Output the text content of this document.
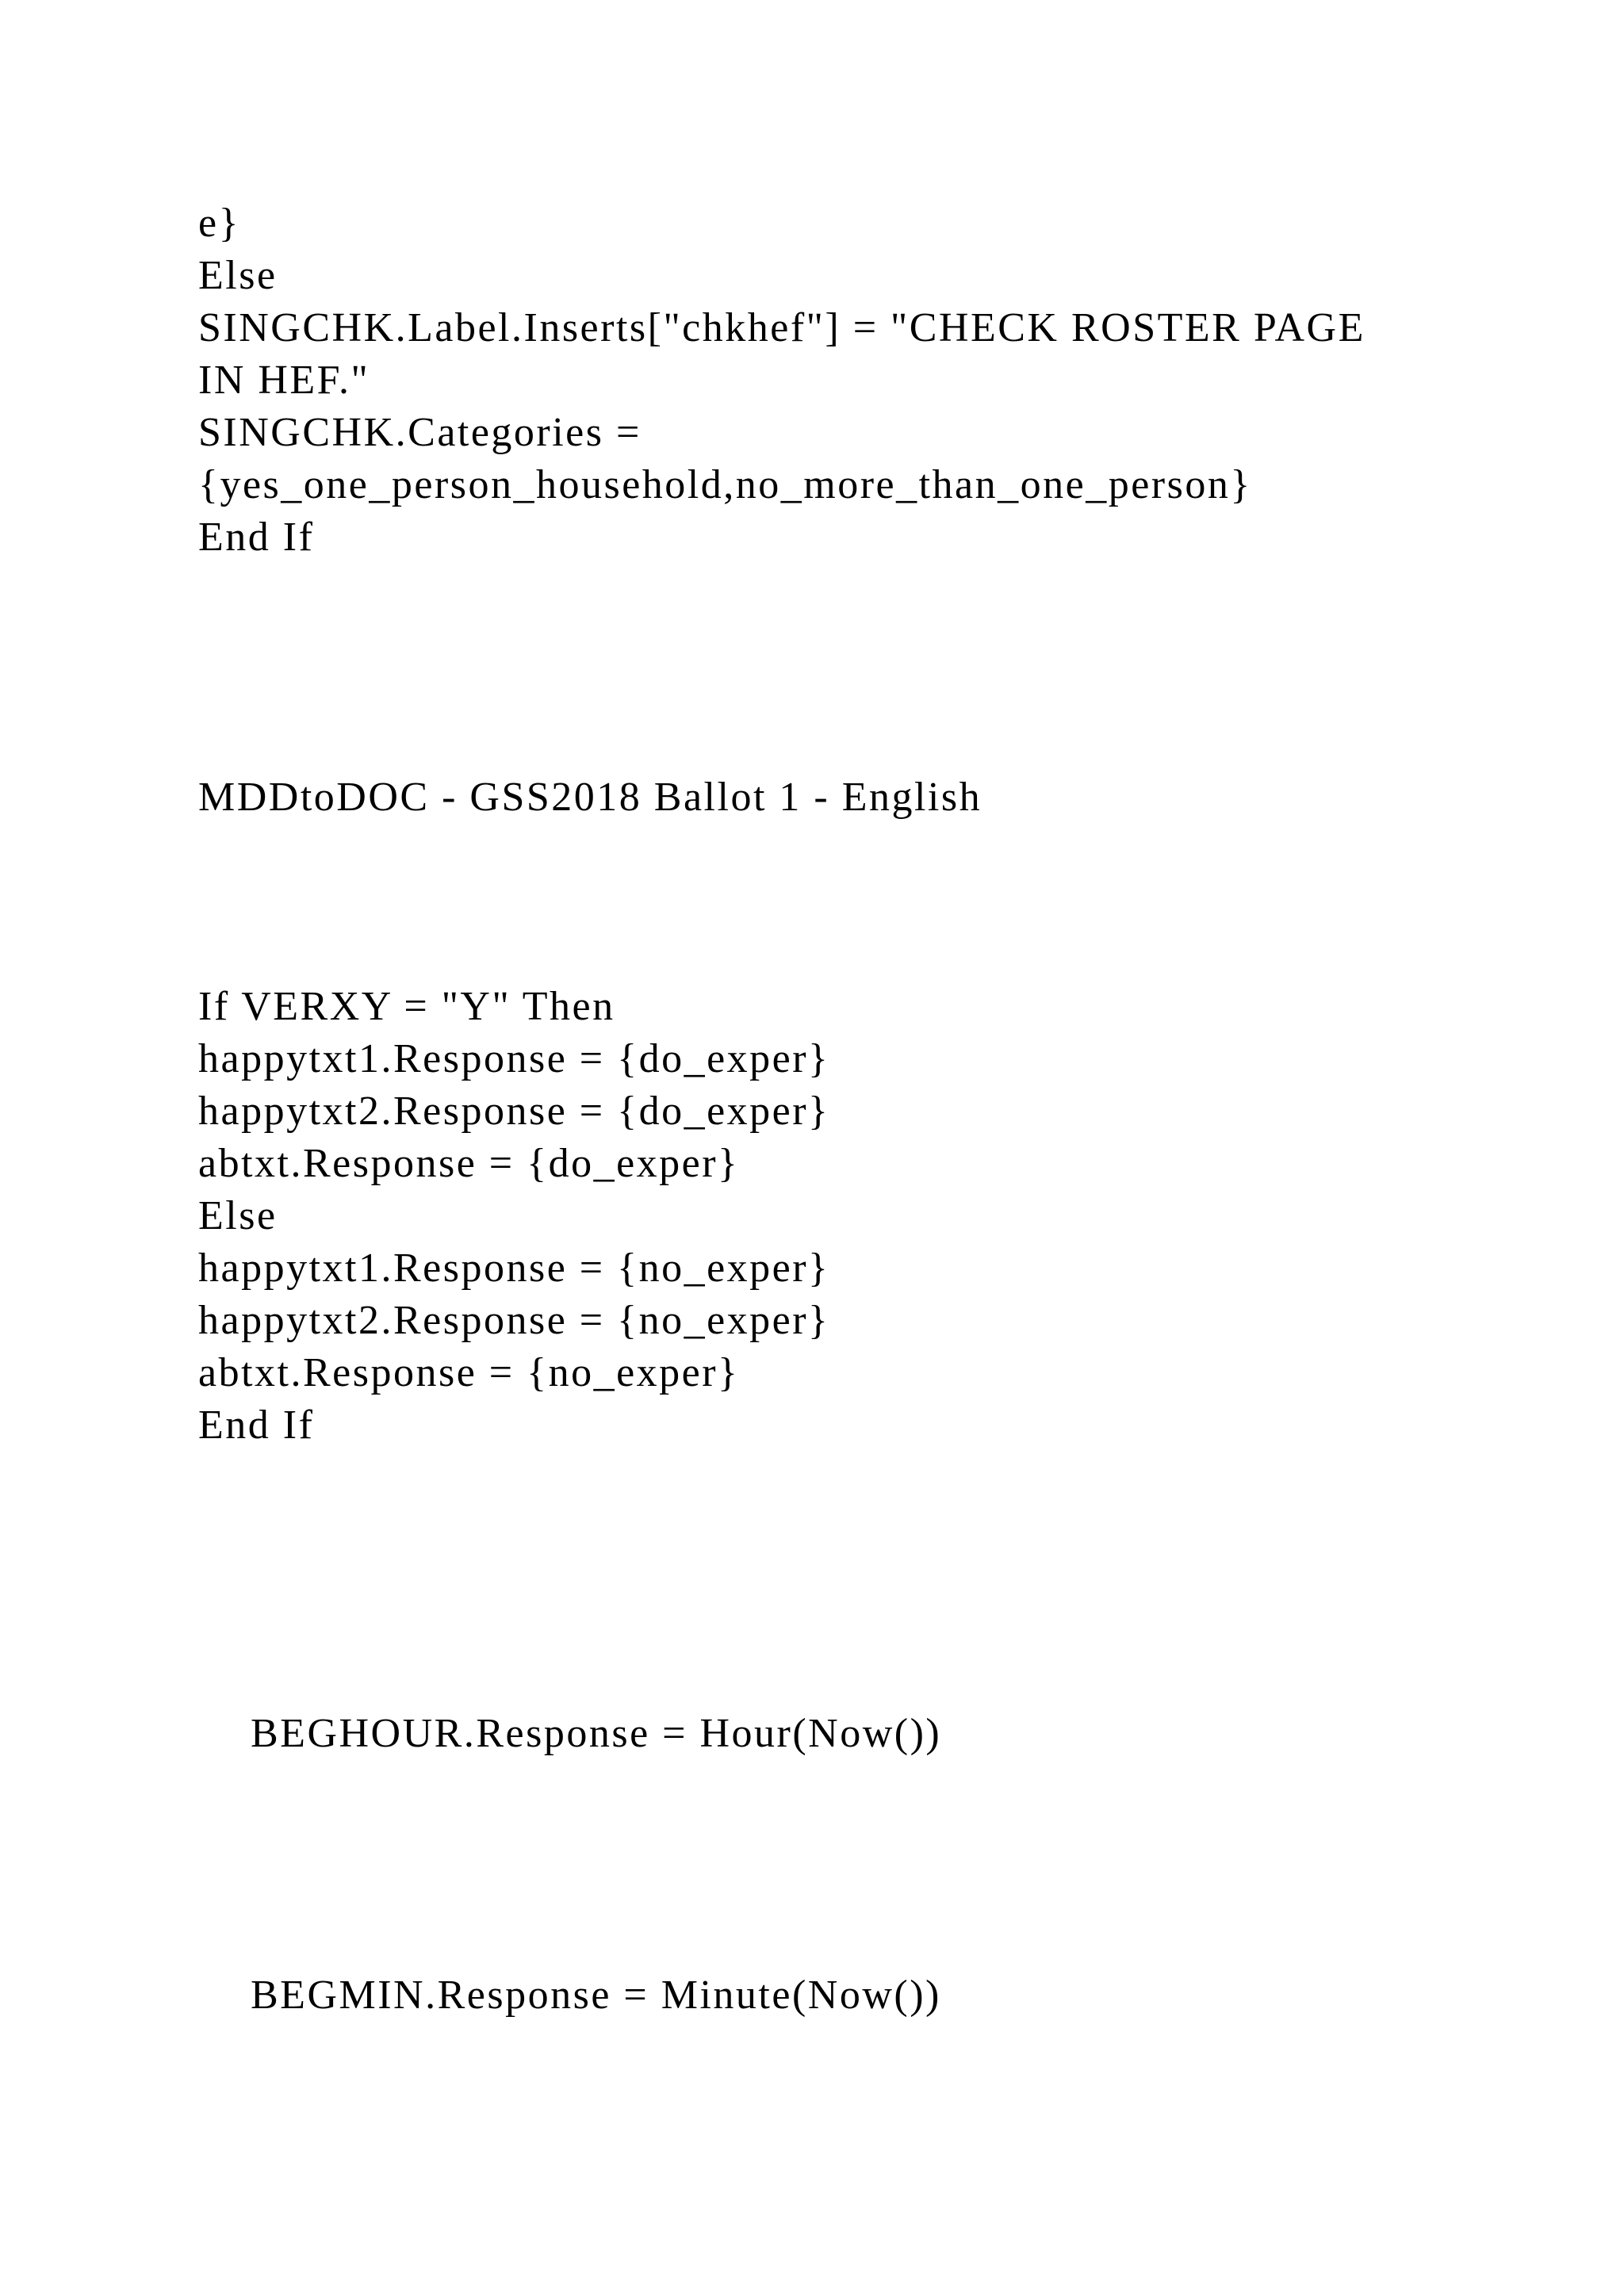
e}
Else
SINGCHK.Label.Inserts["chkhef"] = "CHECK ROSTER PAGE
IN HEF."
SINGCHK.Categories =
{yes_one_person_household,no_more_than_one_person}
End If
MDDtoDOC - GSS2018 Ballot 1 - English
If VERXY = "Y" Then
happytxt1.Response = {do_exper}
happytxt2.Response = {do_exper}
abtxt.Response = {do_exper}
Else
happytxt1.Response = {no_exper}
happytxt2.Response = {no_exper}
abtxt.Response = {no_exper}
End If
BEGHOUR.Response = Hour(Now())
BEGMIN.Response = Minute(Now())
